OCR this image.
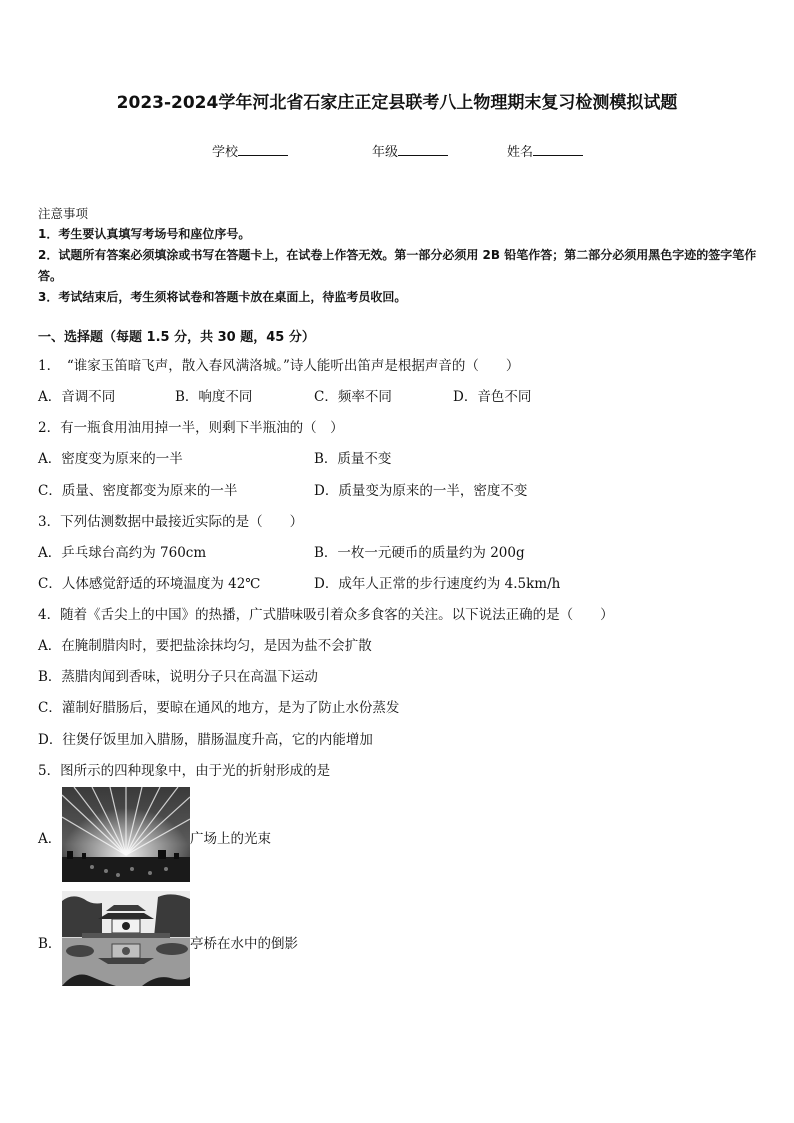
2023-2024学年河北省石家庄正定县联考八上物理期末复习检测模拟试题
学校	年级	姓名
注意事项
1．考生要认真填写考场号和座位序号。
2．试题所有答案必须填涂或书写在答题卡上，在试卷上作答无效。第一部分必须用 2B 铅笔作答；第二部分必须用黑色字迹的签字笔作答。
3．考试结束后，考生须将试卷和答题卡放在桌面上，待监考员收回。
一、选择题（每题 1.5 分，共 30 题，45 分）
1．　“谁家玉笛暗飞声，散入春风满洛城。”诗人能听出笛声是根据声音的（　　）
A．音调不同	B．响度不同	C．频率不同	D．音色不同
2．有一瓶食用油用掉一半，则剩下半瓶油的（　）
A．密度变为原来的一半	B．质量不变
C．质量、密度都变为原来的一半	D．质量变为原来的一半，密度不变
3．下列估测数据中最接近实际的是（　　）
A．乒乓球台高约为 760cm	B．一枚一元硬币的质量约为 200g
C．人体感觉舒适的环境温度为 42℃	D．成年人正常的步行速度约为 4.5km/h
4．随着《舌尖上的中国》的热播，广式腊味吸引着众多食客的关注。以下说法正确的是（　　）
A．在腌制腊肉时，要把盐涂抹均匀，是因为盐不会扩散
B．蒸腊肉闻到香味，说明分子只在高温下运动
C．灌制好腊肠后，要晾在通风的地方，是为了防止水份蒸发
D．往煲仔饭里加入腊肠，腊肠温度升高，它的内能增加
5．图所示的四种现象中，由于光的折射形成的是
A．	广场上的光束
B．	亭桥在水中的倒影
